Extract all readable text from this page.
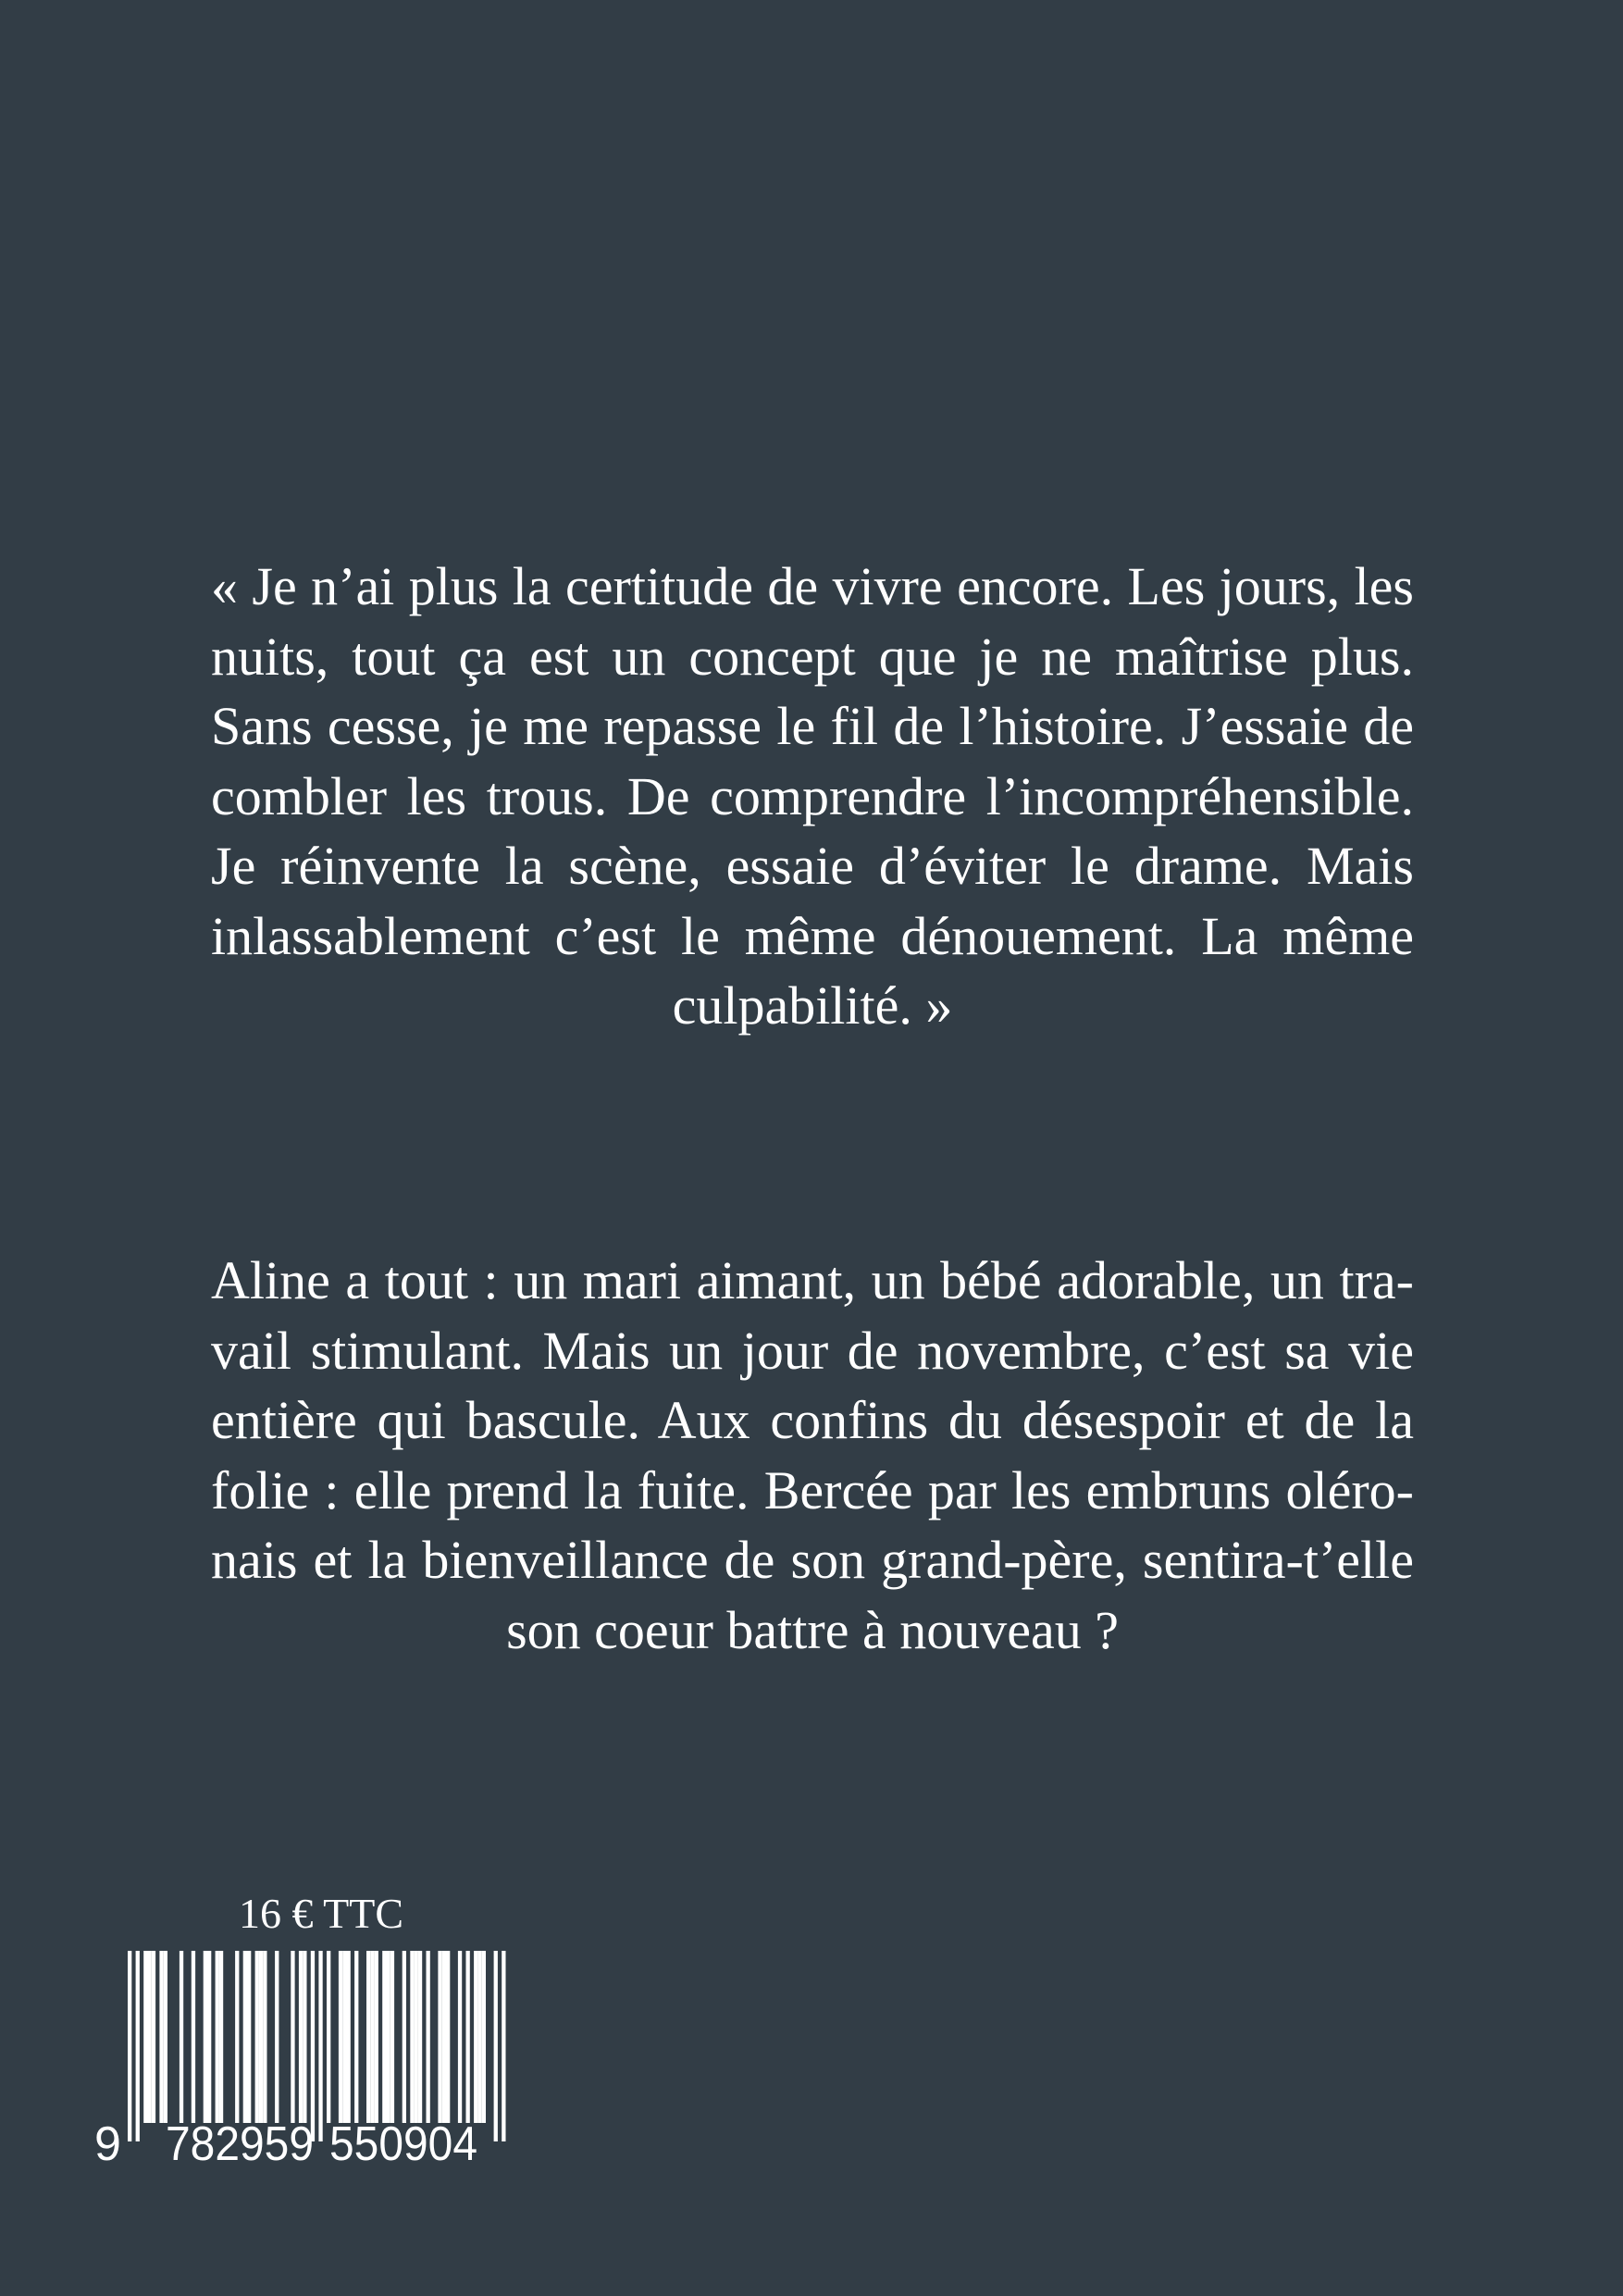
« Je n’ai plus la certitude de vivre encore. Les jours, les nuits, tout ça est un concept que je ne maîtrise plus. Sans cesse, je me repasse le fil de l’histoire. J’essaie de combler les trous. De comprendre l’incompréhensible. Je réinvente la scène, essaie d’éviter le drame. Mais inlassablement c’est le même dénouement. La même culpabilité. »

Aline a tout : un mari aimant, un bébé adorable, un travail stimulant. Mais un jour de novembre, c’est sa vie entière qui bascule. Aux confins du désespoir et de la folie : elle prend la fuite. Bercée par les embruns oléronais et la bienveillance de son grand-père, sentira-t’elle son coeur battre à nouveau ?

16 € TTC
9 782959 550904
